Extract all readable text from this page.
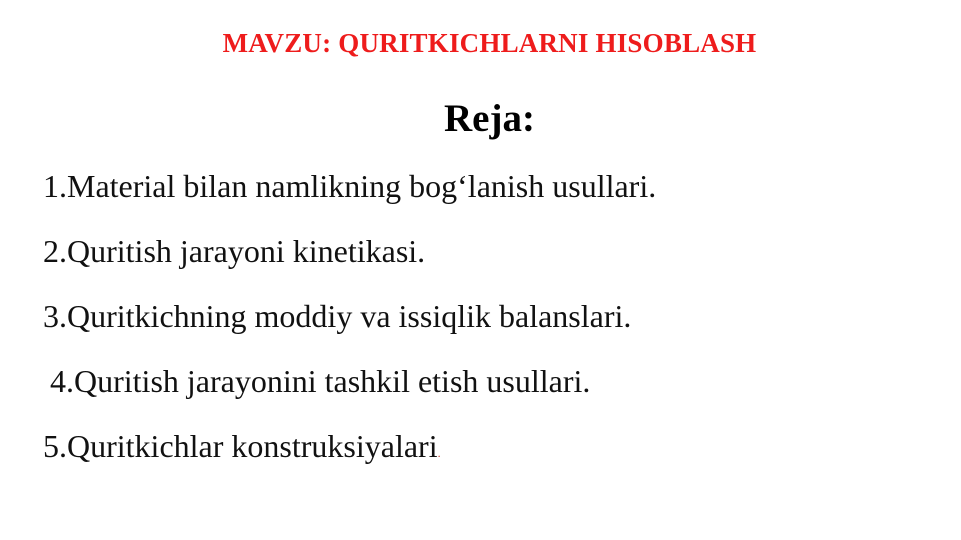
MAVZU: QURITKICHLARNI HISOBLASH
Reja:
1.Material bilan namlikning bog‘lanish usullari.
2.Quritish jarayoni kinetikasi.
3.Quritkichning moddiy va issiqlik balanslari.
4.Quritish jarayonini tashkil etish usullari.
5.Quritkichlar konstruksiyalari.
